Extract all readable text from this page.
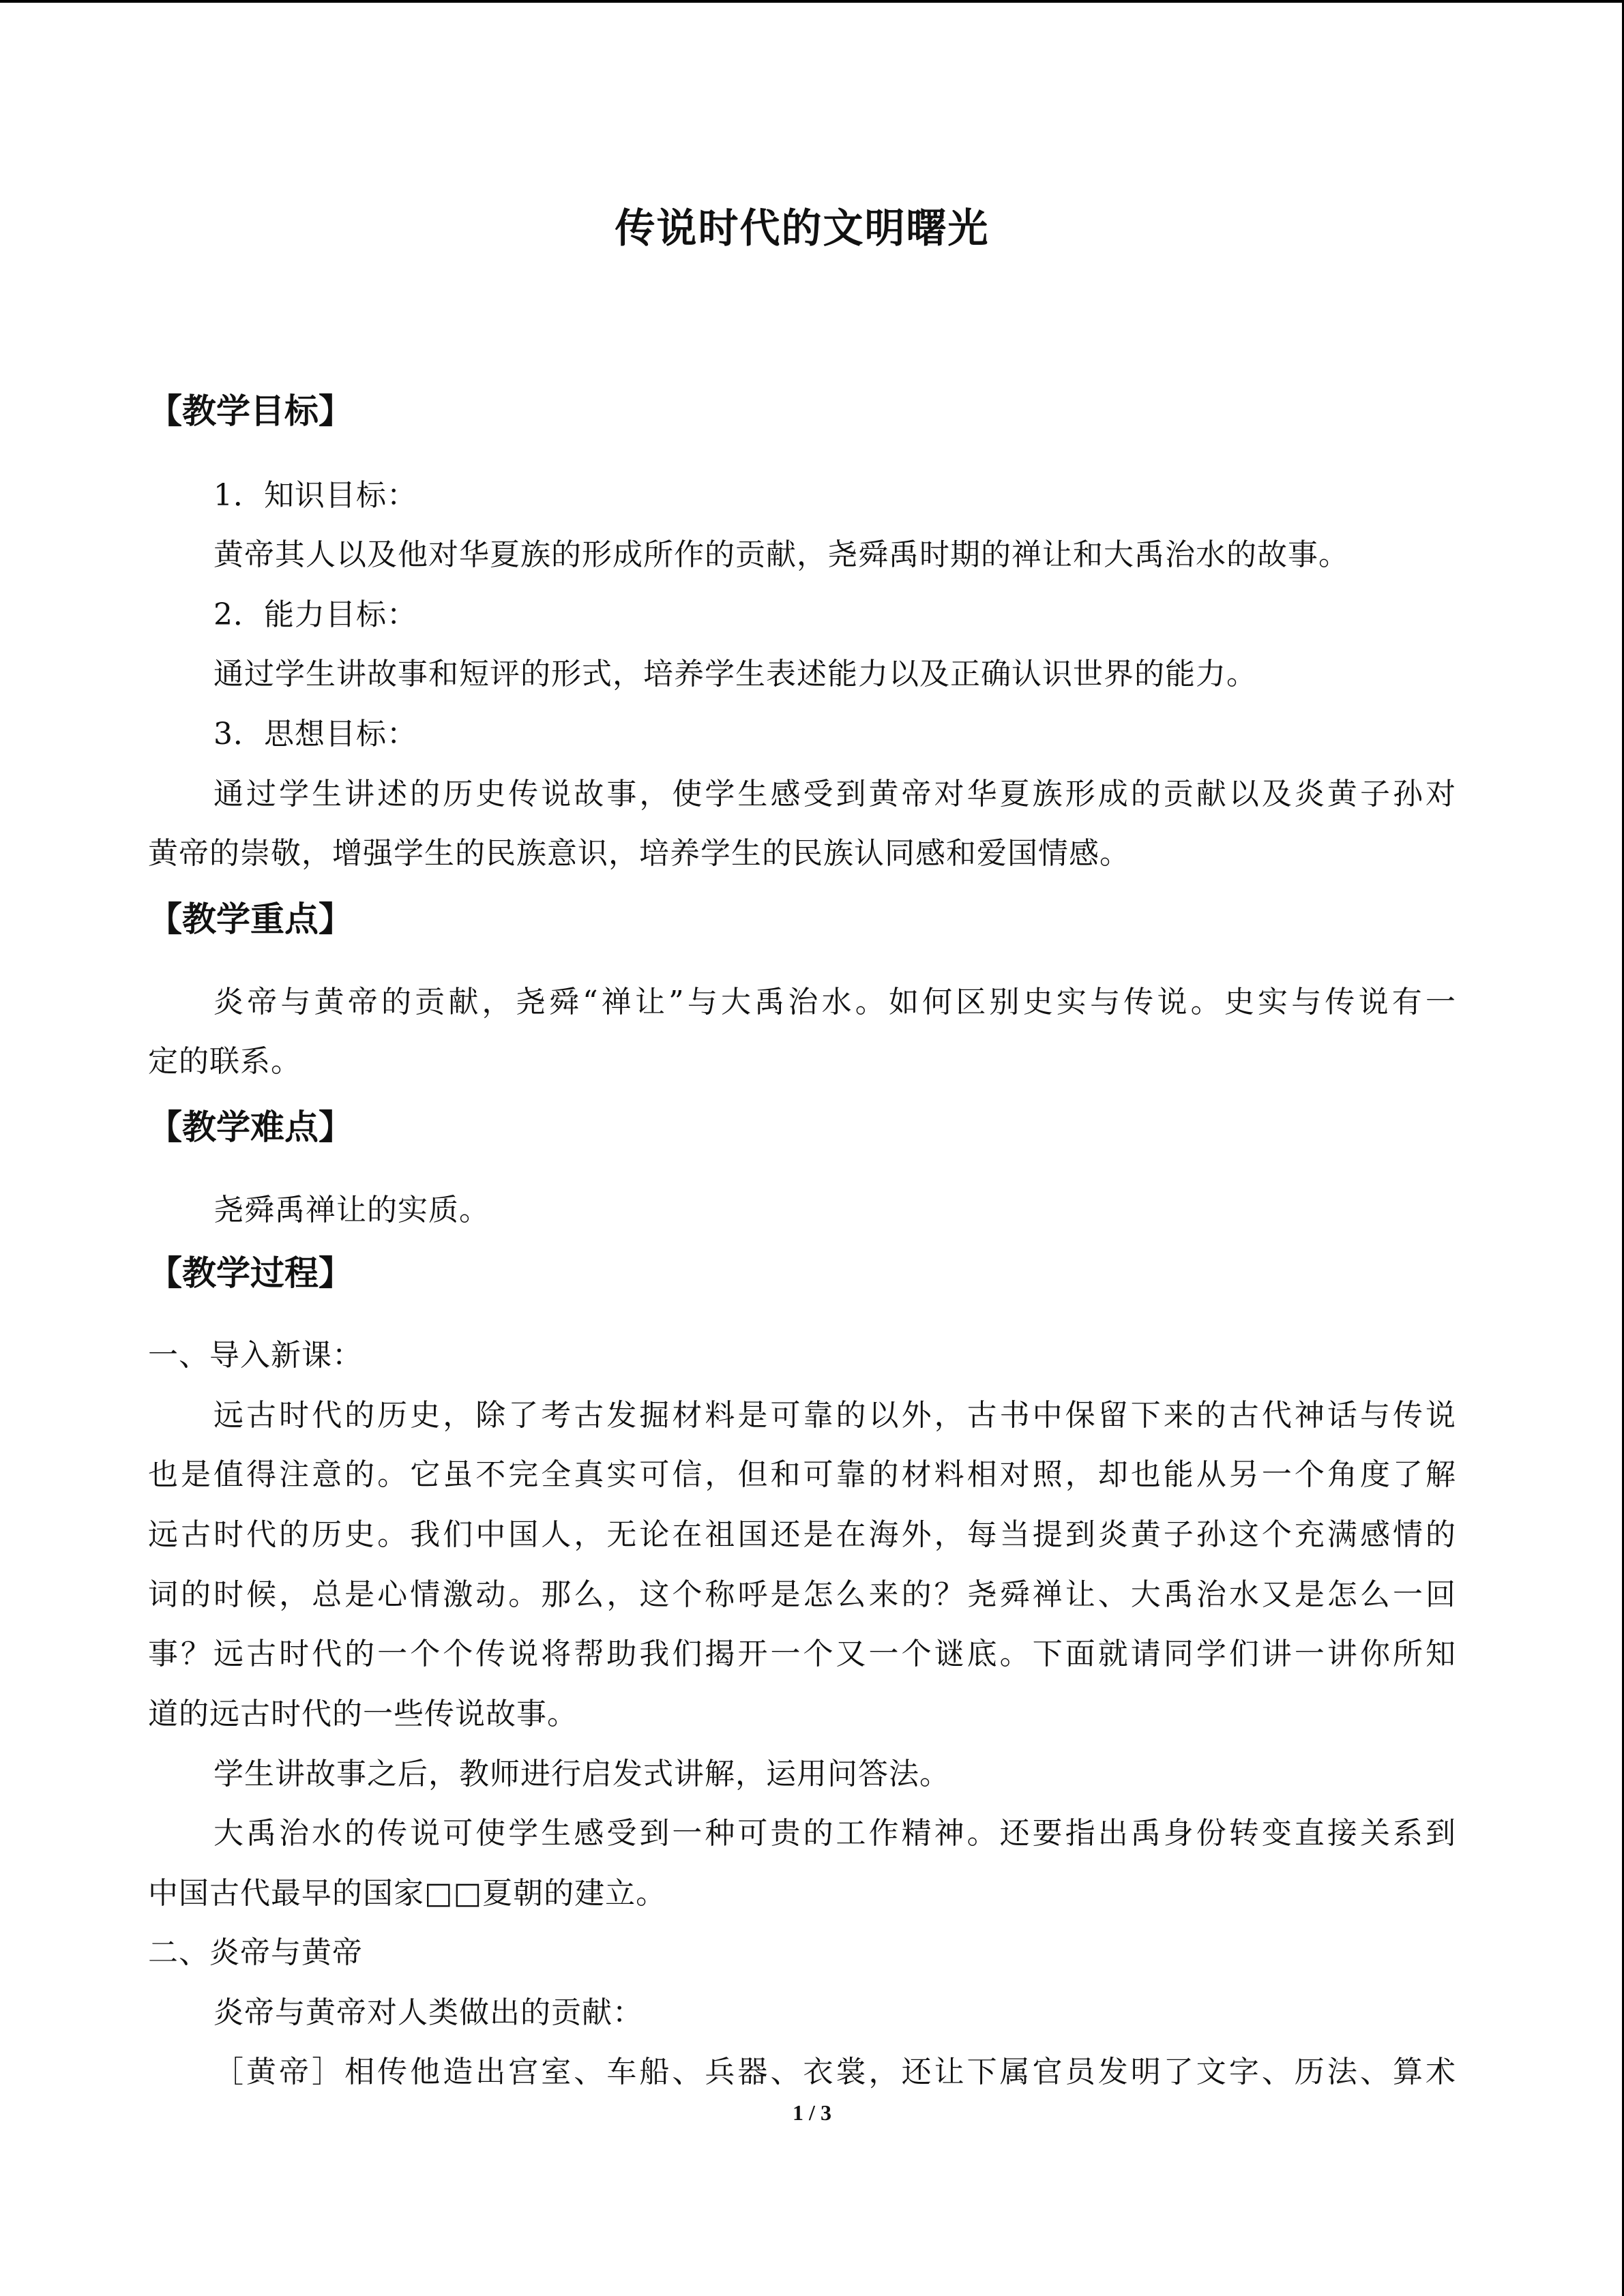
传说时代的文明曙光
【教学目标】
1．知识目标：
黄帝其人以及他对华夏族的形成所作的贡献，尧舜禹时期的禅让和大禹治水的故事。
2．能力目标：
通过学生讲故事和短评的形式，培养学生表述能力以及正确认识世界的能力。
3．思想目标：
通过学生讲述的历史传说故事，使学生感受到黄帝对华夏族形成的贡献以及炎黄子孙对
黄帝的崇敬，增强学生的民族意识，培养学生的民族认同感和爱国情感。
【教学重点】
炎帝与黄帝的贡献，尧舜“禅让”与大禹治水。如何区别史实与传说。史实与传说有一
定的联系。
【教学难点】
尧舜禹禅让的实质。
【教学过程】
一、导入新课：
远古时代的历史，除了考古发掘材料是可靠的以外，古书中保留下来的古代神话与传说
也是值得注意的。它虽不完全真实可信，但和可靠的材料相对照，却也能从另一个角度了解
远古时代的历史。我们中国人，无论在祖国还是在海外，每当提到炎黄子孙这个充满感情的
词的时候，总是心情激动。那么，这个称呼是怎么来的？尧舜禅让、大禹治水又是怎么一回
事？远古时代的一个个传说将帮助我们揭开一个又一个谜底。下面就请同学们讲一讲你所知
道的远古时代的一些传说故事。
学生讲故事之后，教师进行启发式讲解，运用问答法。
大禹治水的传说可使学生感受到一种可贵的工作精神。还要指出禹身份转变直接关系到
中国古代最早的国家□□夏朝的建立。
二、炎帝与黄帝
炎帝与黄帝对人类做出的贡献：
［黄帝］相传他造出宫室、车船、兵器、衣裳，还让下属官员发明了文字、历法、算术
1 / 3
